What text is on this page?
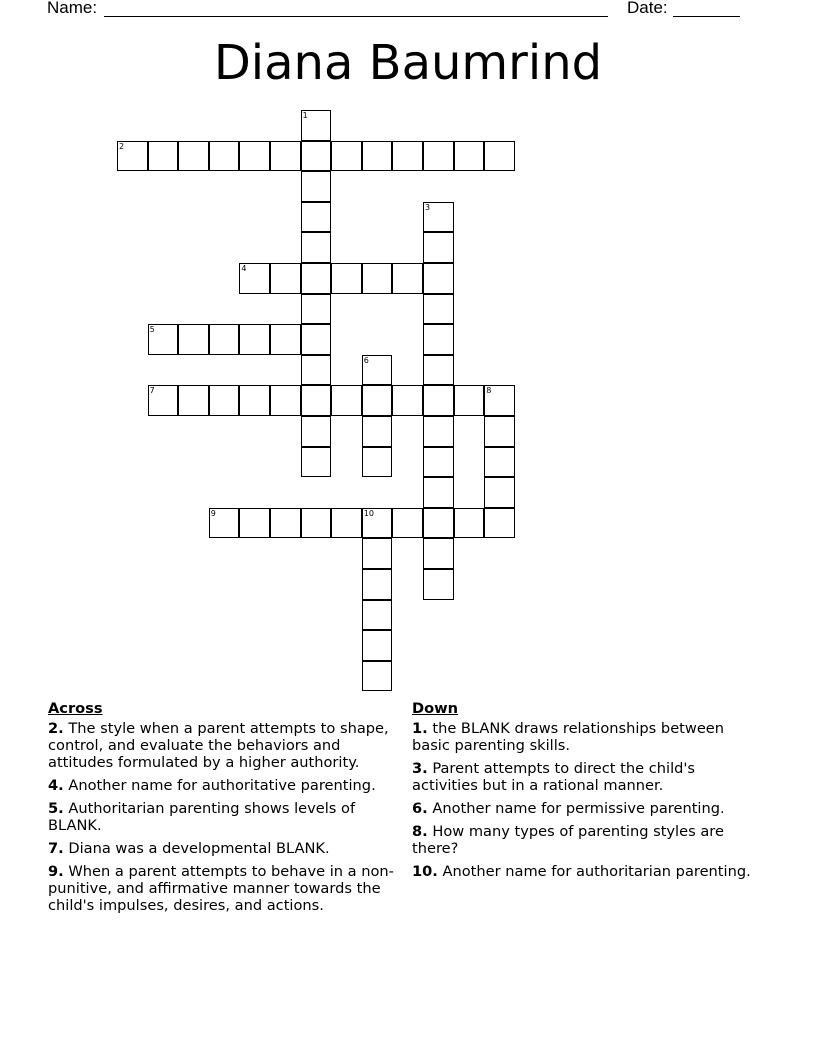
Name:	Date:
Diana Baumrind
1
2
3
4
5
6
7	8
9	10
Across
2. The style when a parent attempts to shape, control, and evaluate the behaviors and attitudes formulated by a higher authority.
4. Another name for authoritative parenting.
5. Authoritarian parenting shows levels of BLANK.
7. Diana was a developmental BLANK.
9. When a parent attempts to behave in a non-punitive, and affirmative manner towards the child's impulses, desires, and actions.
Down
1. the BLANK draws relationships between basic parenting skills.
3. Parent attempts to direct the child's activities but in a rational manner.
6. Another name for permissive parenting.
8. How many types of parenting styles are there?
10. Another name for authoritarian parenting.
